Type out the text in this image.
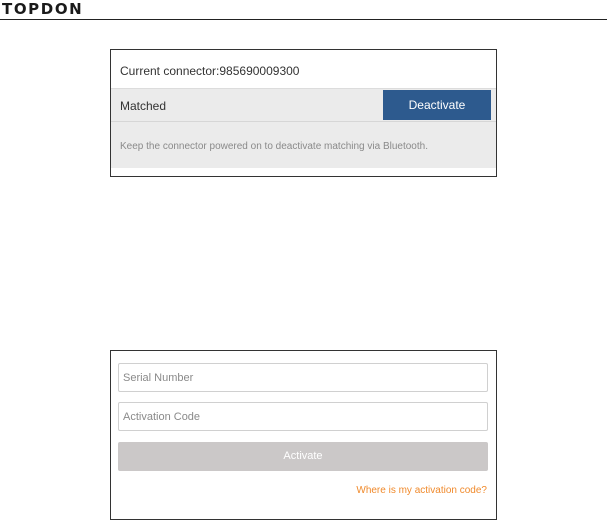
TOPDON
Current connector:985690009300
Matched	Deactivate
Keep the connector powered on to deactivate matching via Bluetooth.
Serial Number
Activation Code
Activate
Where is my activation code?
